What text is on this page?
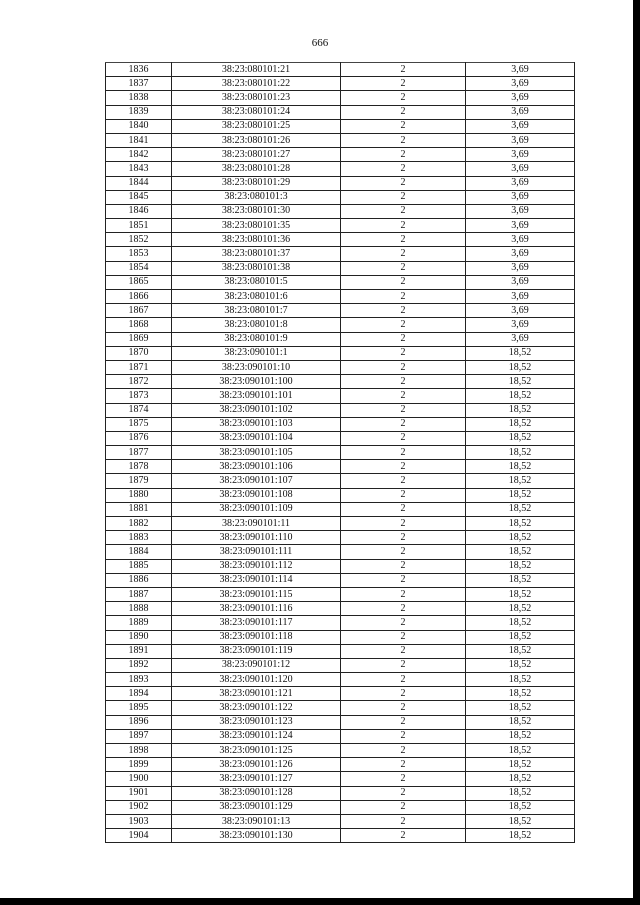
666
1836	38:23:080101:21	2	3,69
1837	38:23:080101:22	2	3,69
1838	38:23:080101:23	2	3,69
1839	38:23:080101:24	2	3,69
1840	38:23:080101:25	2	3,69
1841	38:23:080101:26	2	3,69
1842	38:23:080101:27	2	3,69
1843	38:23:080101:28	2	3,69
1844	38:23:080101:29	2	3,69
1845	38:23:080101:3	2	3,69
1846	38:23:080101:30	2	3,69
1851	38:23:080101:35	2	3,69
1852	38:23:080101:36	2	3,69
1853	38:23:080101:37	2	3,69
1854	38:23:080101:38	2	3,69
1865	38:23:080101:5	2	3,69
1866	38:23:080101:6	2	3,69
1867	38:23:080101:7	2	3,69
1868	38:23:080101:8	2	3,69
1869	38:23:080101:9	2	3,69
1870	38:23:090101:1	2	18,52
1871	38:23:090101:10	2	18,52
1872	38:23:090101:100	2	18,52
1873	38:23:090101:101	2	18,52
1874	38:23:090101:102	2	18,52
1875	38:23:090101:103	2	18,52
1876	38:23:090101:104	2	18,52
1877	38:23:090101:105	2	18,52
1878	38:23:090101:106	2	18,52
1879	38:23:090101:107	2	18,52
1880	38:23:090101:108	2	18,52
1881	38:23:090101:109	2	18,52
1882	38:23:090101:11	2	18,52
1883	38:23:090101:110	2	18,52
1884	38:23:090101:111	2	18,52
1885	38:23:090101:112	2	18,52
1886	38:23:090101:114	2	18,52
1887	38:23:090101:115	2	18,52
1888	38:23:090101:116	2	18,52
1889	38:23:090101:117	2	18,52
1890	38:23:090101:118	2	18,52
1891	38:23:090101:119	2	18,52
1892	38:23:090101:12	2	18,52
1893	38:23:090101:120	2	18,52
1894	38:23:090101:121	2	18,52
1895	38:23:090101:122	2	18,52
1896	38:23:090101:123	2	18,52
1897	38:23:090101:124	2	18,52
1898	38:23:090101:125	2	18,52
1899	38:23:090101:126	2	18,52
1900	38:23:090101:127	2	18,52
1901	38:23:090101:128	2	18,52
1902	38:23:090101:129	2	18,52
1903	38:23:090101:13	2	18,52
1904	38:23:090101:130	2	18,52
